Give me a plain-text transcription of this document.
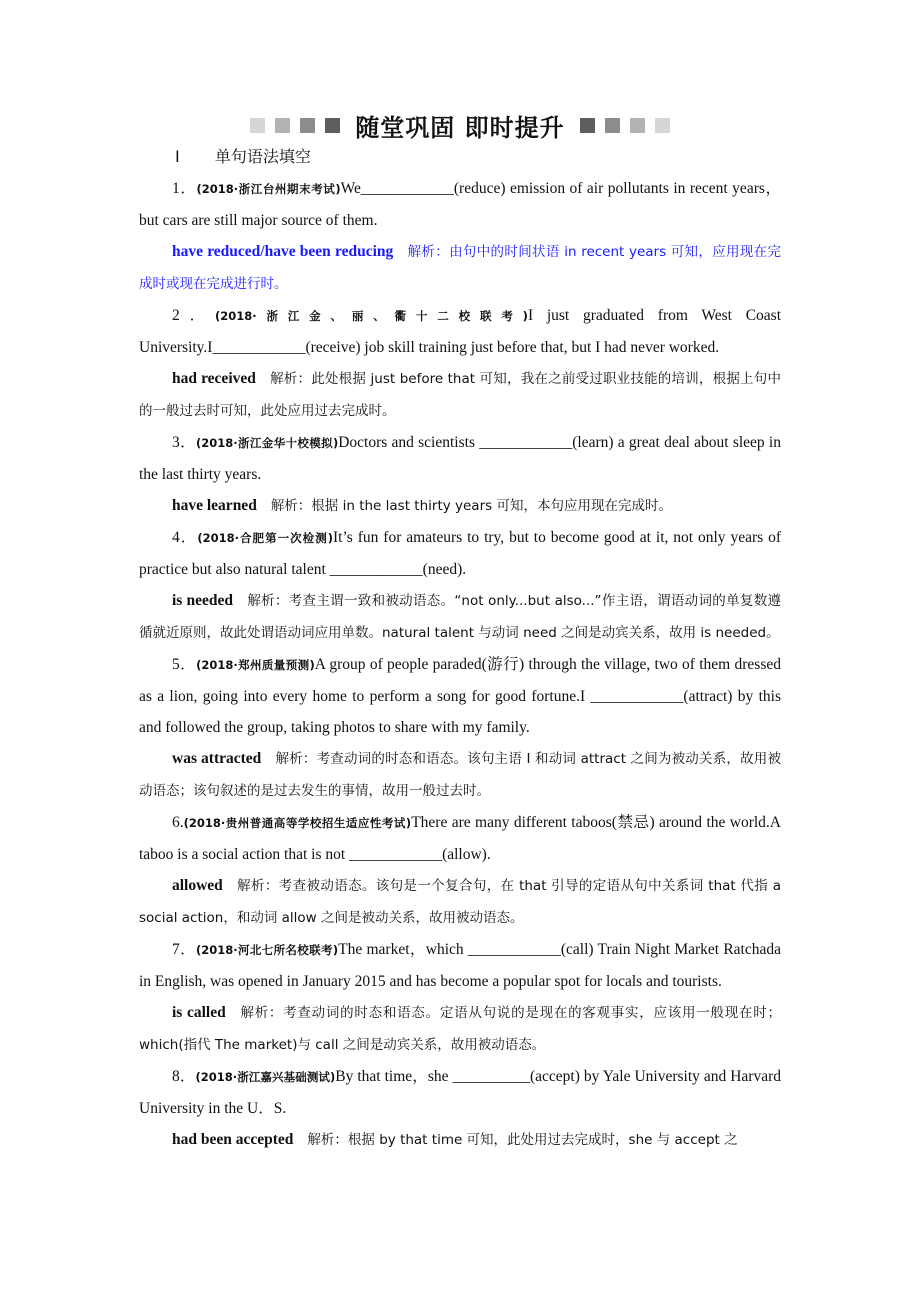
随堂巩固 即时提升
Ⅰ 单句语法填空

1．(2018·浙江台州期末考试)We____________(reduce) emission of air pollutants in recent years，but cars are still major source of them.

have reduced/have been reducing 解析：由句中的时间状语 in recent years 可知，应用现在完成时或现在完成进行时。

2．(2018·浙江金、丽、衢十二校联考)I just graduated from West Coast University.I____________(receive) job skill training just before that, but I had never worked.

had received 解析：此处根据 just before that 可知，我在之前受过职业技能的培训，根据上句中的一般过去时可知，此处应用过去完成时。

3．(2018·浙江金华十校模拟)Doctors and scientists ____________(learn) a great deal about sleep in the last thirty years.

have learned 解析：根据 in the last thirty years 可知，本句应用现在完成时。

4．(2018·合肥第一次检测)It’s fun for amateurs to try, but to become good at it, not only years of practice but also natural talent ____________(need).

is needed 解析：考查主谓一致和被动语态。“not only...but also...”作主语，谓语动词的单复数遵循就近原则，故此处谓语动词应用单数。natural talent 与动词 need 之间是动宾关系，故用 is needed。

5．(2018·郑州质量预测)A group of people paraded(游行) through the village, two of them dressed as a lion, going into every home to perform a song for good fortune.I ____________(attract) by this and followed the group, taking photos to share with my family.

was attracted 解析：考查动词的时态和语态。该句主语 I 和动词 attract 之间为被动关系，故用被动语态；该句叙述的是过去发生的事情，故用一般过去时。

6.(2018·贵州普通高等学校招生适应性考试)There are many different taboos(禁忌) around the world.A taboo is a social action that is not ____________(allow).

allowed 解析：考查被动语态。该句是一个复合句，在 that 引导的定语从句中关系词 that 代指 a social action，和动词 allow 之间是被动关系，故用被动语态。

7．(2018·河北七所名校联考)The market，which ____________(call) Train Night Market Ratchada in English, was opened in January 2015 and has become a popular spot for locals and tourists.

is called 解析：考查动词的时态和语态。定语从句说的是现在的客观事实，应该用一般现在时；which(指代 The market)与 call 之间是动宾关系，故用被动语态。

8．(2018·浙江嘉兴基础测试)By that time，she __________(accept) by Yale University and Harvard University in the U．S.

had been accepted 解析：根据 by that time 可知，此处用过去完成时，she 与 accept 之
